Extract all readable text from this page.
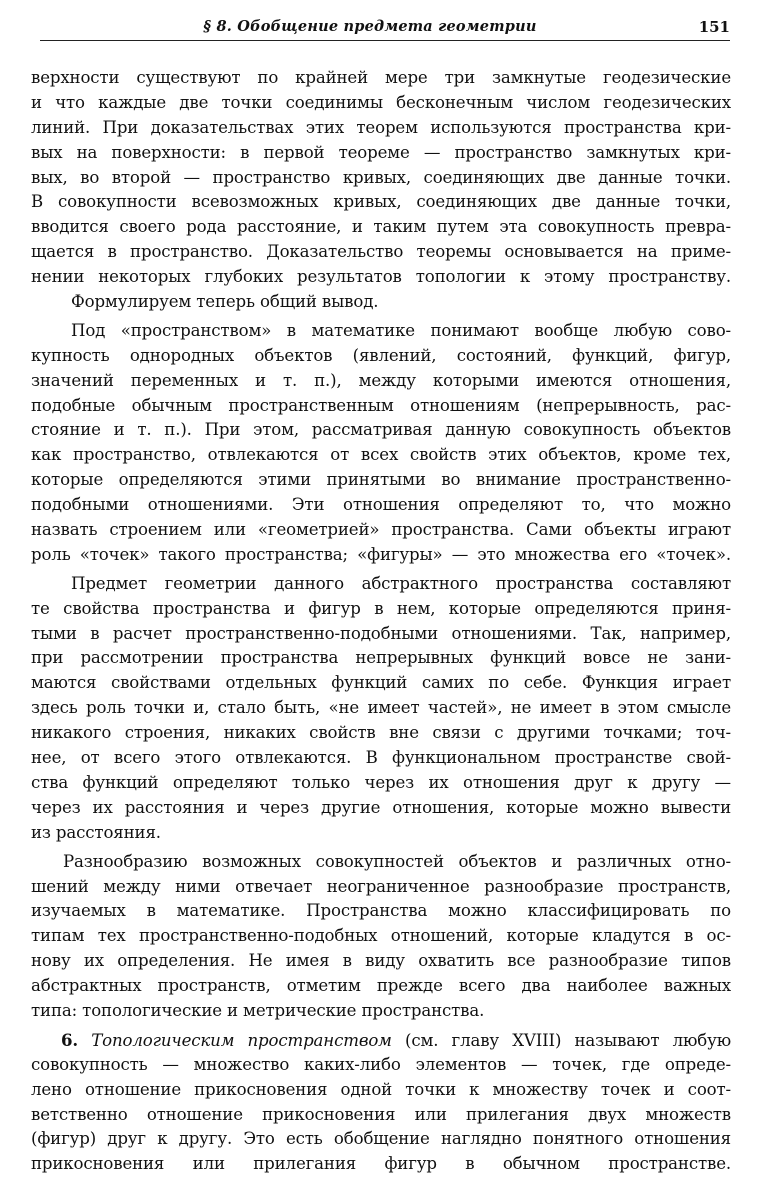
§ 8. Обобщение предмета геометрии	151
верхности существуют по крайней мере три замкнутые геодезические
и что каждые две точки соединимы бесконечным числом геодезических
линий. При доказательствах этих теорем используются пространства кри-
вых на поверхности: в первой теореме — пространство замкнутых кри-
вых, во второй — пространство кривых, соединяющих две данные точки.
В совокупности всевозможных кривых, соединяющих две данные точки,
вводится своего рода расстояние, и таким путем эта совокупность превра-
щается в пространство. Доказательство теоремы основывается на приме-
нении некоторых глубоких результатов топологии к этому пространству.
Формулируем теперь общий вывод.
Под «пространством» в математике понимают вообще любую сово-
купность однородных объектов (явлений, состояний, функций, фигур,
значений переменных и т. п.), между которыми имеются отношения,
подобные обычным пространственным отношениям (непрерывность, рас-
стояние и т. п.). При этом, рассматривая данную совокупность объектов
как пространство, отвлекаются от всех свойств этих объектов, кроме тех,
которые определяются этими принятыми во внимание пространственно-
подобными отношениями. Эти отношения определяют то, что можно
назвать строением или «геометрией» пространства. Сами объекты играют
роль «точек» такого пространства; «фигуры» — это множества его «точек».
Предмет геометрии данного абстрактного пространства составляют
те свойства пространства и фигур в нем, которые определяются приня-
тыми в расчет пространственно-подобными отношениями. Так, например,
при рассмотрении пространства непрерывных функций вовсе не зани-
маются свойствами отдельных функций самих по себе. Функция играет
здесь роль точки и, стало быть, «не имеет частей», не имеет в этом смысле
никакого строения, никаких свойств вне связи с другими точками; точ-
нее, от всего этого отвлекаются. В функциональном пространстве свой-
ства функций определяют только через их отношения друг к другу —
через их расстояния и через другие отношения, которые можно вывести
из расстояния.
Разнообразию возможных совокупностей объектов и различных отно-
шений между ними отвечает неограниченное разнообразие пространств,
изучаемых в математике. Пространства можно классифицировать по
типам тех пространственно-подобных отношений, которые кладутся в ос-
нову их определения. Не имея в виду охватить все разнообразие типов
абстрактных пространств, отметим прежде всего два наиболее важных
типа: топологические и метрические пространства.
6. Топологическим пространством (см. главу XVIII) называют любую
совокупность — множество каких-либо элементов — точек, где опреде-
лено отношение прикосновения одной точки к множеству точек и соот-
ветственно отношение прикосновения или прилегания двух множеств
(фигур) друг к другу. Это есть обобщение наглядно понятного отношения
прикосновения или прилегания фигур в обычном пространстве.
